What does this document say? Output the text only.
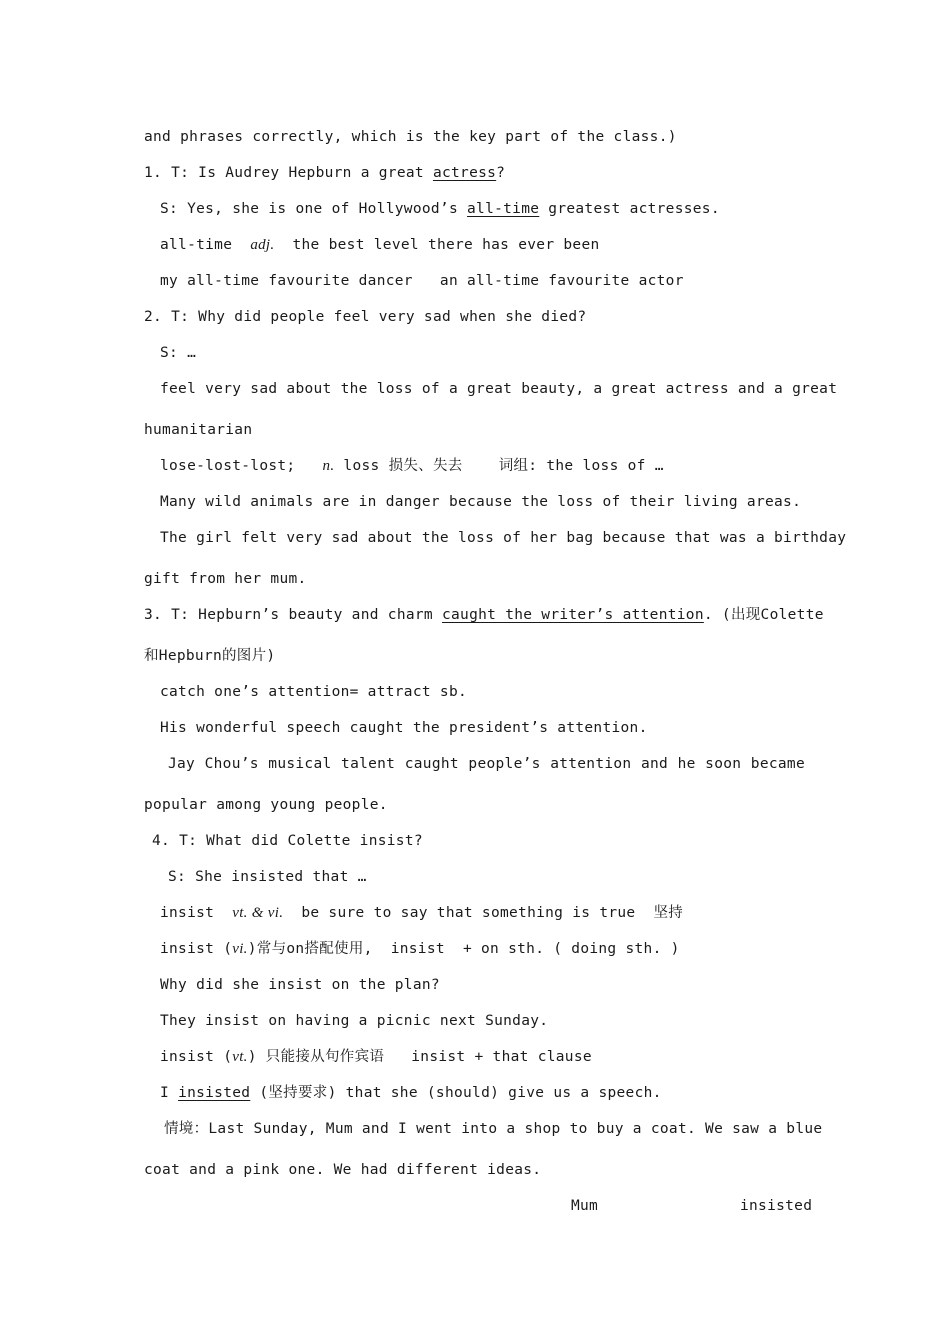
and phrases correctly, which is the key part of the class.)
1. T: Is Audrey Hepburn a great actress?
S: Yes, she is one of Hollywood’s all-time greatest actresses.
all-time  adj.  the best level there has ever been
my all-time favourite dancer   an all-time favourite actor
2. T: Why did people feel very sad when she died?
S: …
feel very sad about the loss of a great beauty, a great actress and a great
humanitarian
lose-lost-lost;   n. loss 损失、失去    词组: the loss of …
Many wild animals are in danger because the loss of their living areas.
The girl felt very sad about the loss of her bag because that was a birthday
gift from her mum.
3. T: Hepburn’s beauty and charm caught the writer’s attention. (出现Colette
和Hepburn的图片)
catch one’s attention= attract sb.
His wonderful speech caught the president’s attention.
Jay Chou’s musical talent caught people’s attention and he soon became
popular among young people.
4. T: What did Colette insist?
S: She insisted that …
insist  vt. & vi.  be sure to say that something is true  坚持
insist (vi.)常与on搭配使用,  insist  + on sth. ( doing sth. )
Why did she insist on the plan?
They insist on having a picnic next Sunday.
insist (vt.) 只能接从句作宾语   insist + that clause
I insisted (坚持要求) that she (should) give us a speech.
情境：Last Sunday, Mum and I went into a shop to buy a coat. We saw a blue
coat and a pink one. We had different ideas.
Mum	insisted
